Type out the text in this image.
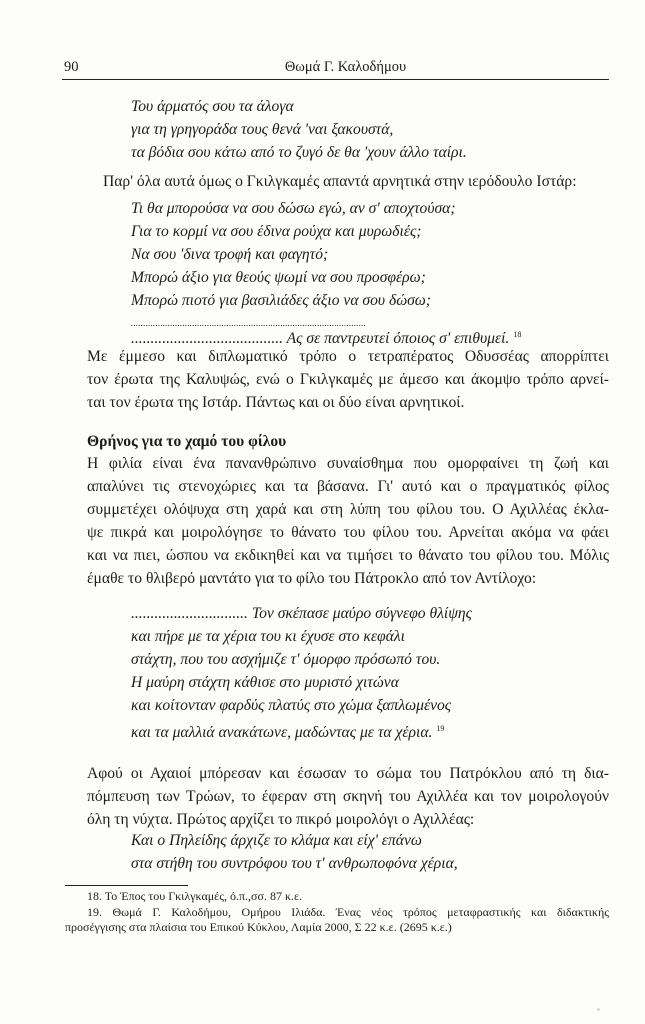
90	Θωμά Γ. Καλοδήμου
Του άρματός σου τα άλογα
για τη γρηγοράδα τους θενά 'ναι ξακουστά,
τα βόδια σου κάτω από το ζυγό δε θα 'χουν άλλο ταίρι.
Παρ' όλα αυτά όμως ο Γκιλγκαμές απαντά αρνητικά στην ιερόδουλο Ιστάρ:
Τι θα μπορούσα να σου δώσω εγώ, αν σ' αποχτούσα;
Για το κορμί να σου έδινα ρούχα και μυρωδιές;
Να σου 'δινα τροφή και φαγητό;
Μπορώ άξιο για θεούς ψωμί να σου προσφέρω;
Μπορώ πιοτό για βασιλιάδες άξιο να σου δώσω;
................................................................................................
....................................... Ας σε παντρευτεί όποιος σ' επιθυμεί. $^{18}$
Με έμμεσο και διπλωματικό τρόπο ο τετραπέρατος Οδυσσέας απορρίπτει
τον έρωτα της Καλυψώς, ενώ ο Γκιλγκαμές με άμεσο και άκομψο τρόπο αρνεί-
ται τον έρωτα της Ιστάρ. Πάντως και οι δύο είναι αρνητικοί.
Θρήνος για το χαμό του φίλου
Η φιλία είναι ένα πανανθρώπινο συναίσθημα που ομορφαίνει τη ζωή και
απαλύνει τις στενοχώριες και τα βάσανα. Γι' αυτό και ο πραγματικός φίλος
συμμετέχει ολόψυχα στη χαρά και στη λύπη του φίλου του. Ο Αχιλλέας έκλα-
ψε πικρά και μοιρολόγησε το θάνατο του φίλου του. Αρνείται ακόμα να φάει
και να πιει, ώσπου να εκδικηθεί και να τιμήσει το θάνατο του φίλου του. Μόλις
έμαθε το θλιβερό μαντάτο για το φίλο του Πάτροκλο από τον Αντίλοχο:
.............................. Τον σκέπασε μαύρο σύγνεφο θλίψης
και πήρε με τα χέρια του κι έχυσε στο κεφάλι
στάχτη, που του ασχήμιζε τ' όμορφο πρόσωπό του.
Η μαύρη στάχτη κάθισε στο μυριστό χιτώνα
και κοίτονταν φαρδύς πλατύς στο χώμα ξαπλωμένος
και τα μαλλιά ανακάτωνε, μαδώντας με τα χέρια. $^{19}$
Αφού οι Αχαιοί μπόρεσαν και έσωσαν το σώμα του Πατρόκλου από τη δια-
πόμπευση των Τρώων, το έφεραν στη σκηνή του Αχιλλέα και τον μοιρολογούν
όλη τη νύχτα. Πρώτος αρχίζει το πικρό μοιρολόγι ο Αχιλλέας:
Και ο Πηλείδης άρχιζε το κλάμα και είχ' επάνω
στα στήθη του συντρόφου του τ' ανθρωποφόνα χέρια,
18. Το Έπος του Γκιλγκαμές, ό.π.,σσ. 87 κ.ε.
19. Θωμά Γ. Καλοδήμου, Ομήρου Ιλιάδα. Ένας νέος τρόπος μεταφραστικής και διδακτικής
προσέγγισης στα πλαίσια του Επικού Κύκλου, Λαμία 2000, Σ 22 κ.ε. (2695 κ.ε.)
